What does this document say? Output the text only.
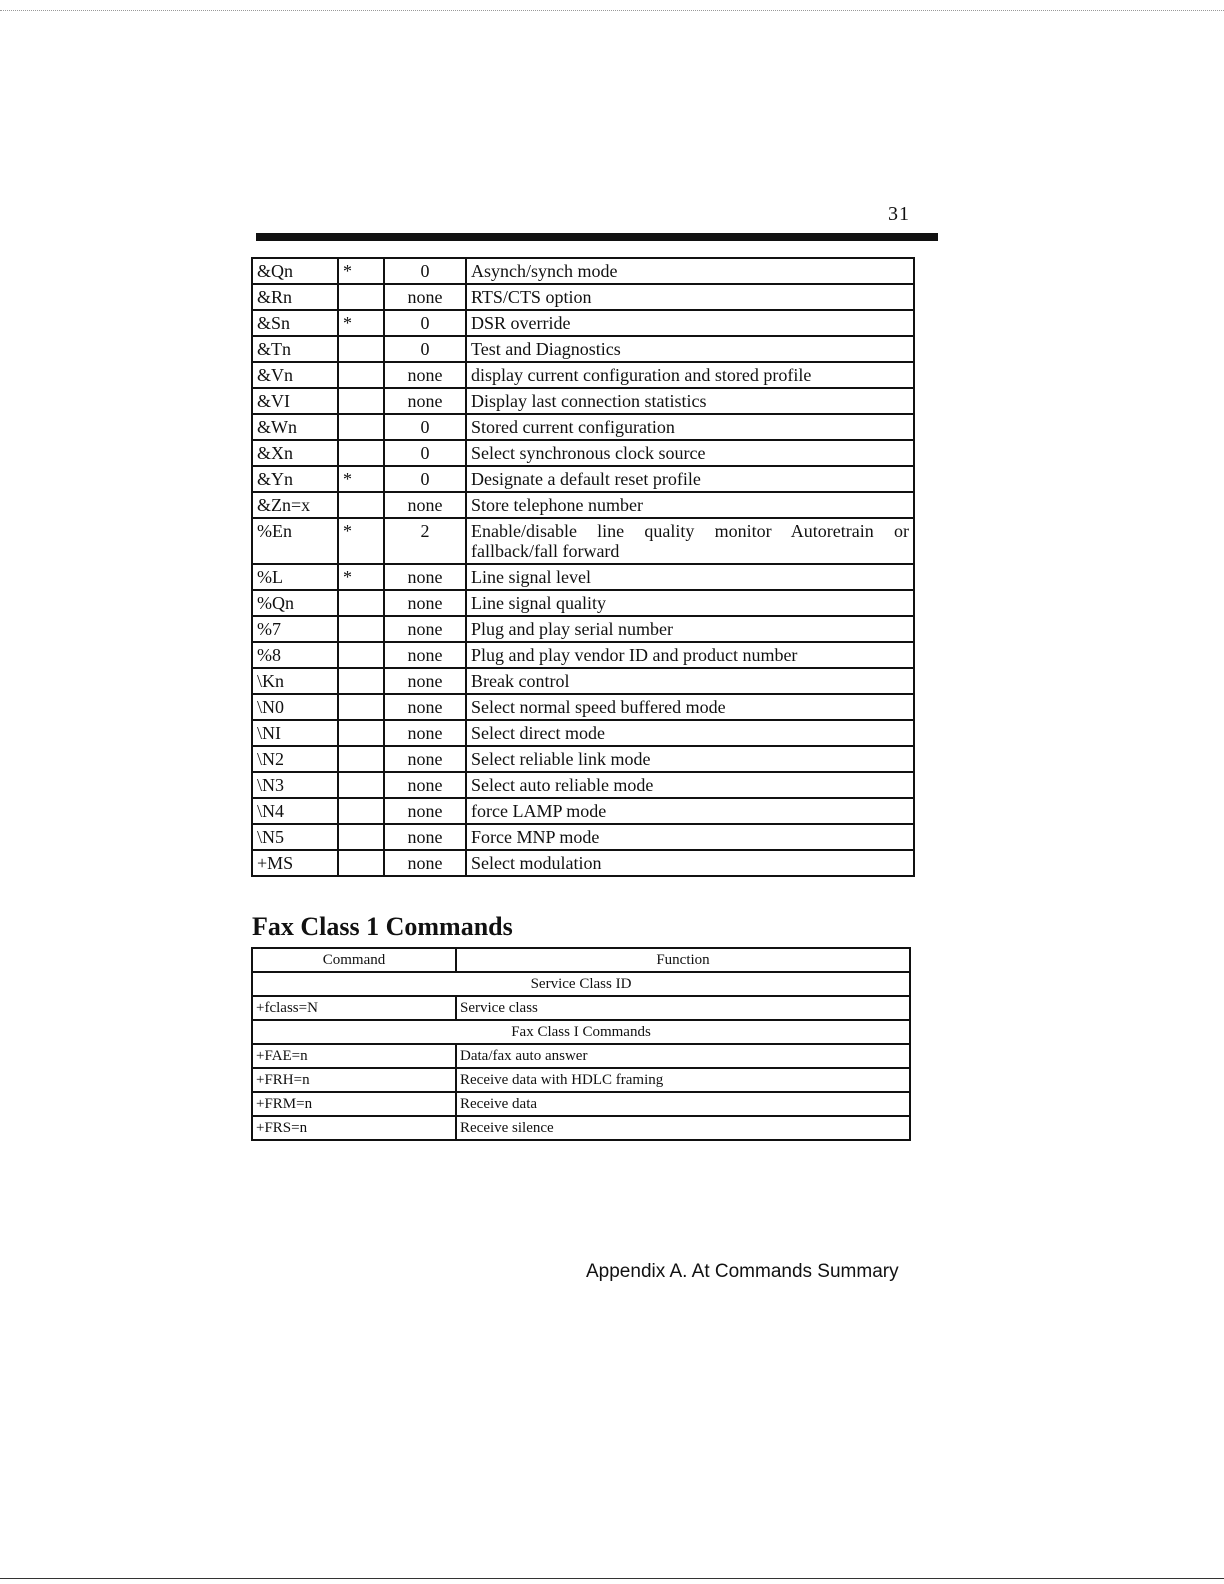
31
&Qn	*	0	Asynch/synch mode
&Rn		none	RTS/CTS option
&Sn	*	0	DSR override
&Tn		0	Test and Diagnostics
&Vn		none	display current configuration and stored profile
&VI		none	Display last connection statistics
&Wn		0	Stored current configuration
&Xn		0	Select synchronous clock source
&Yn	*	0	Designate a default reset profile
&Zn=x		none	Store telephone number
%En	*	2	Enable/disable line quality monitor Autoretrain or fallback/fall forward
%L	*	none	Line signal level
%Qn		none	Line signal quality
%7		none	Plug and play serial number
%8		none	Plug and play vendor ID and product number
\Kn		none	Break control
\N0		none	Select normal speed buffered mode
\NI		none	Select direct mode
\N2		none	Select reliable link mode
\N3		none	Select auto reliable mode
\N4		none	force LAMP mode
\N5		none	Force MNP mode
+MS		none	Select modulation
Fax Class 1 Commands
Command	Function
Service Class ID	
+fclass=N	Service class
Fax Class I Commands	
+FAE=n	Data/fax auto answer
+FRH=n	Receive data with HDLC framing
+FRM=n	Receive data
+FRS=n	Receive silence
Appendix A. At Commands Summary
